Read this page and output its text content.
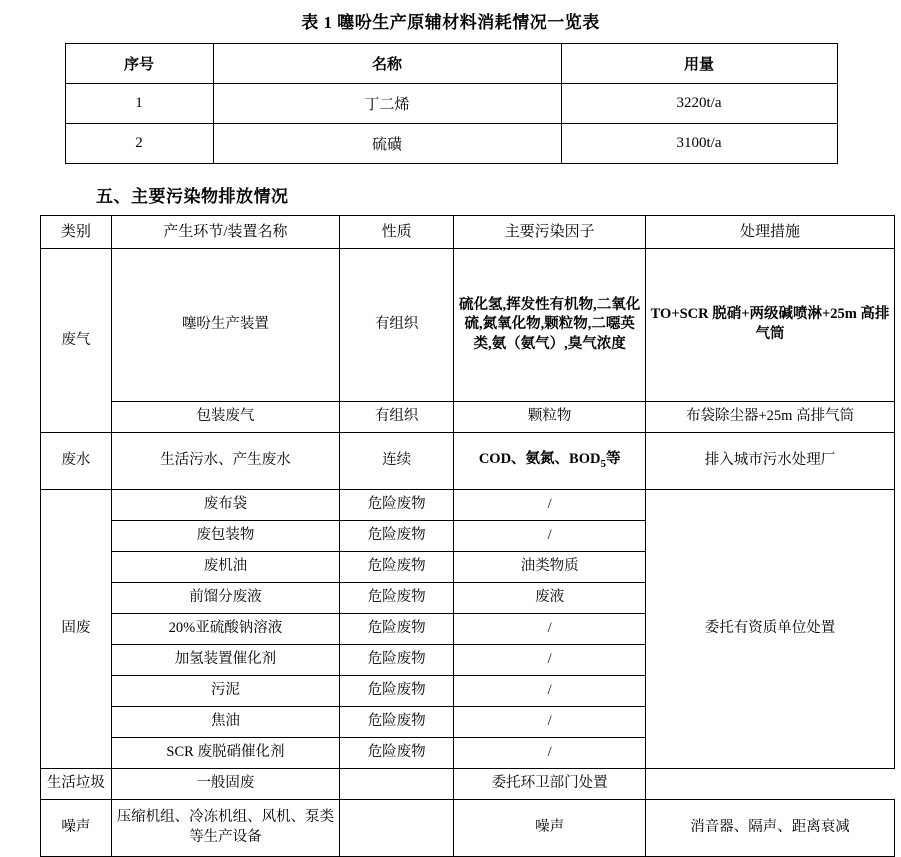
表 1 噻吩生产原辅材料消耗情况一览表
序号	名称	用量
1	丁二烯	3220t/a
2	硫磺	3100t/a
五、主要污染物排放情况
类别	产生环节/装置名称	性质	主要污染因子	处理措施
废气	噻吩生产装置	有组织	硫化氢,挥发性有机物,二氧化硫,氮氧化物,颗粒物,二噁英类,氨（氨气）,臭气浓度	TO+SCR 脱硝+两级碱喷淋+25m 高排气筒
	包装废气	有组织	颗粒物	布袋除尘器+25m 高排气筒
废水	生活污水、产生废水	连续	COD、氨氮、$BOD_5$等	排入城市污水处理厂
固废	废布袋	危险废物	/	委托有资质单位处置
	废包装物	危险废物	/	
	废机油	危险废物	油类物质	
	前馏分废液	危险废物	废液	
	20%亚硫酸钠溶液	危险废物	/	
	加氢装置催化剂	危险废物	/	
	污泥	危险废物	/	
	焦油	危险废物	/	
	SCR 废脱硝催化剂	危险废物	/	
生活垃圾	一般固废		委托环卫部门处置	
噪声	压缩机组、冷冻机组、风机、泵类等生产设备		噪声	消音器、隔声、距离衰减
